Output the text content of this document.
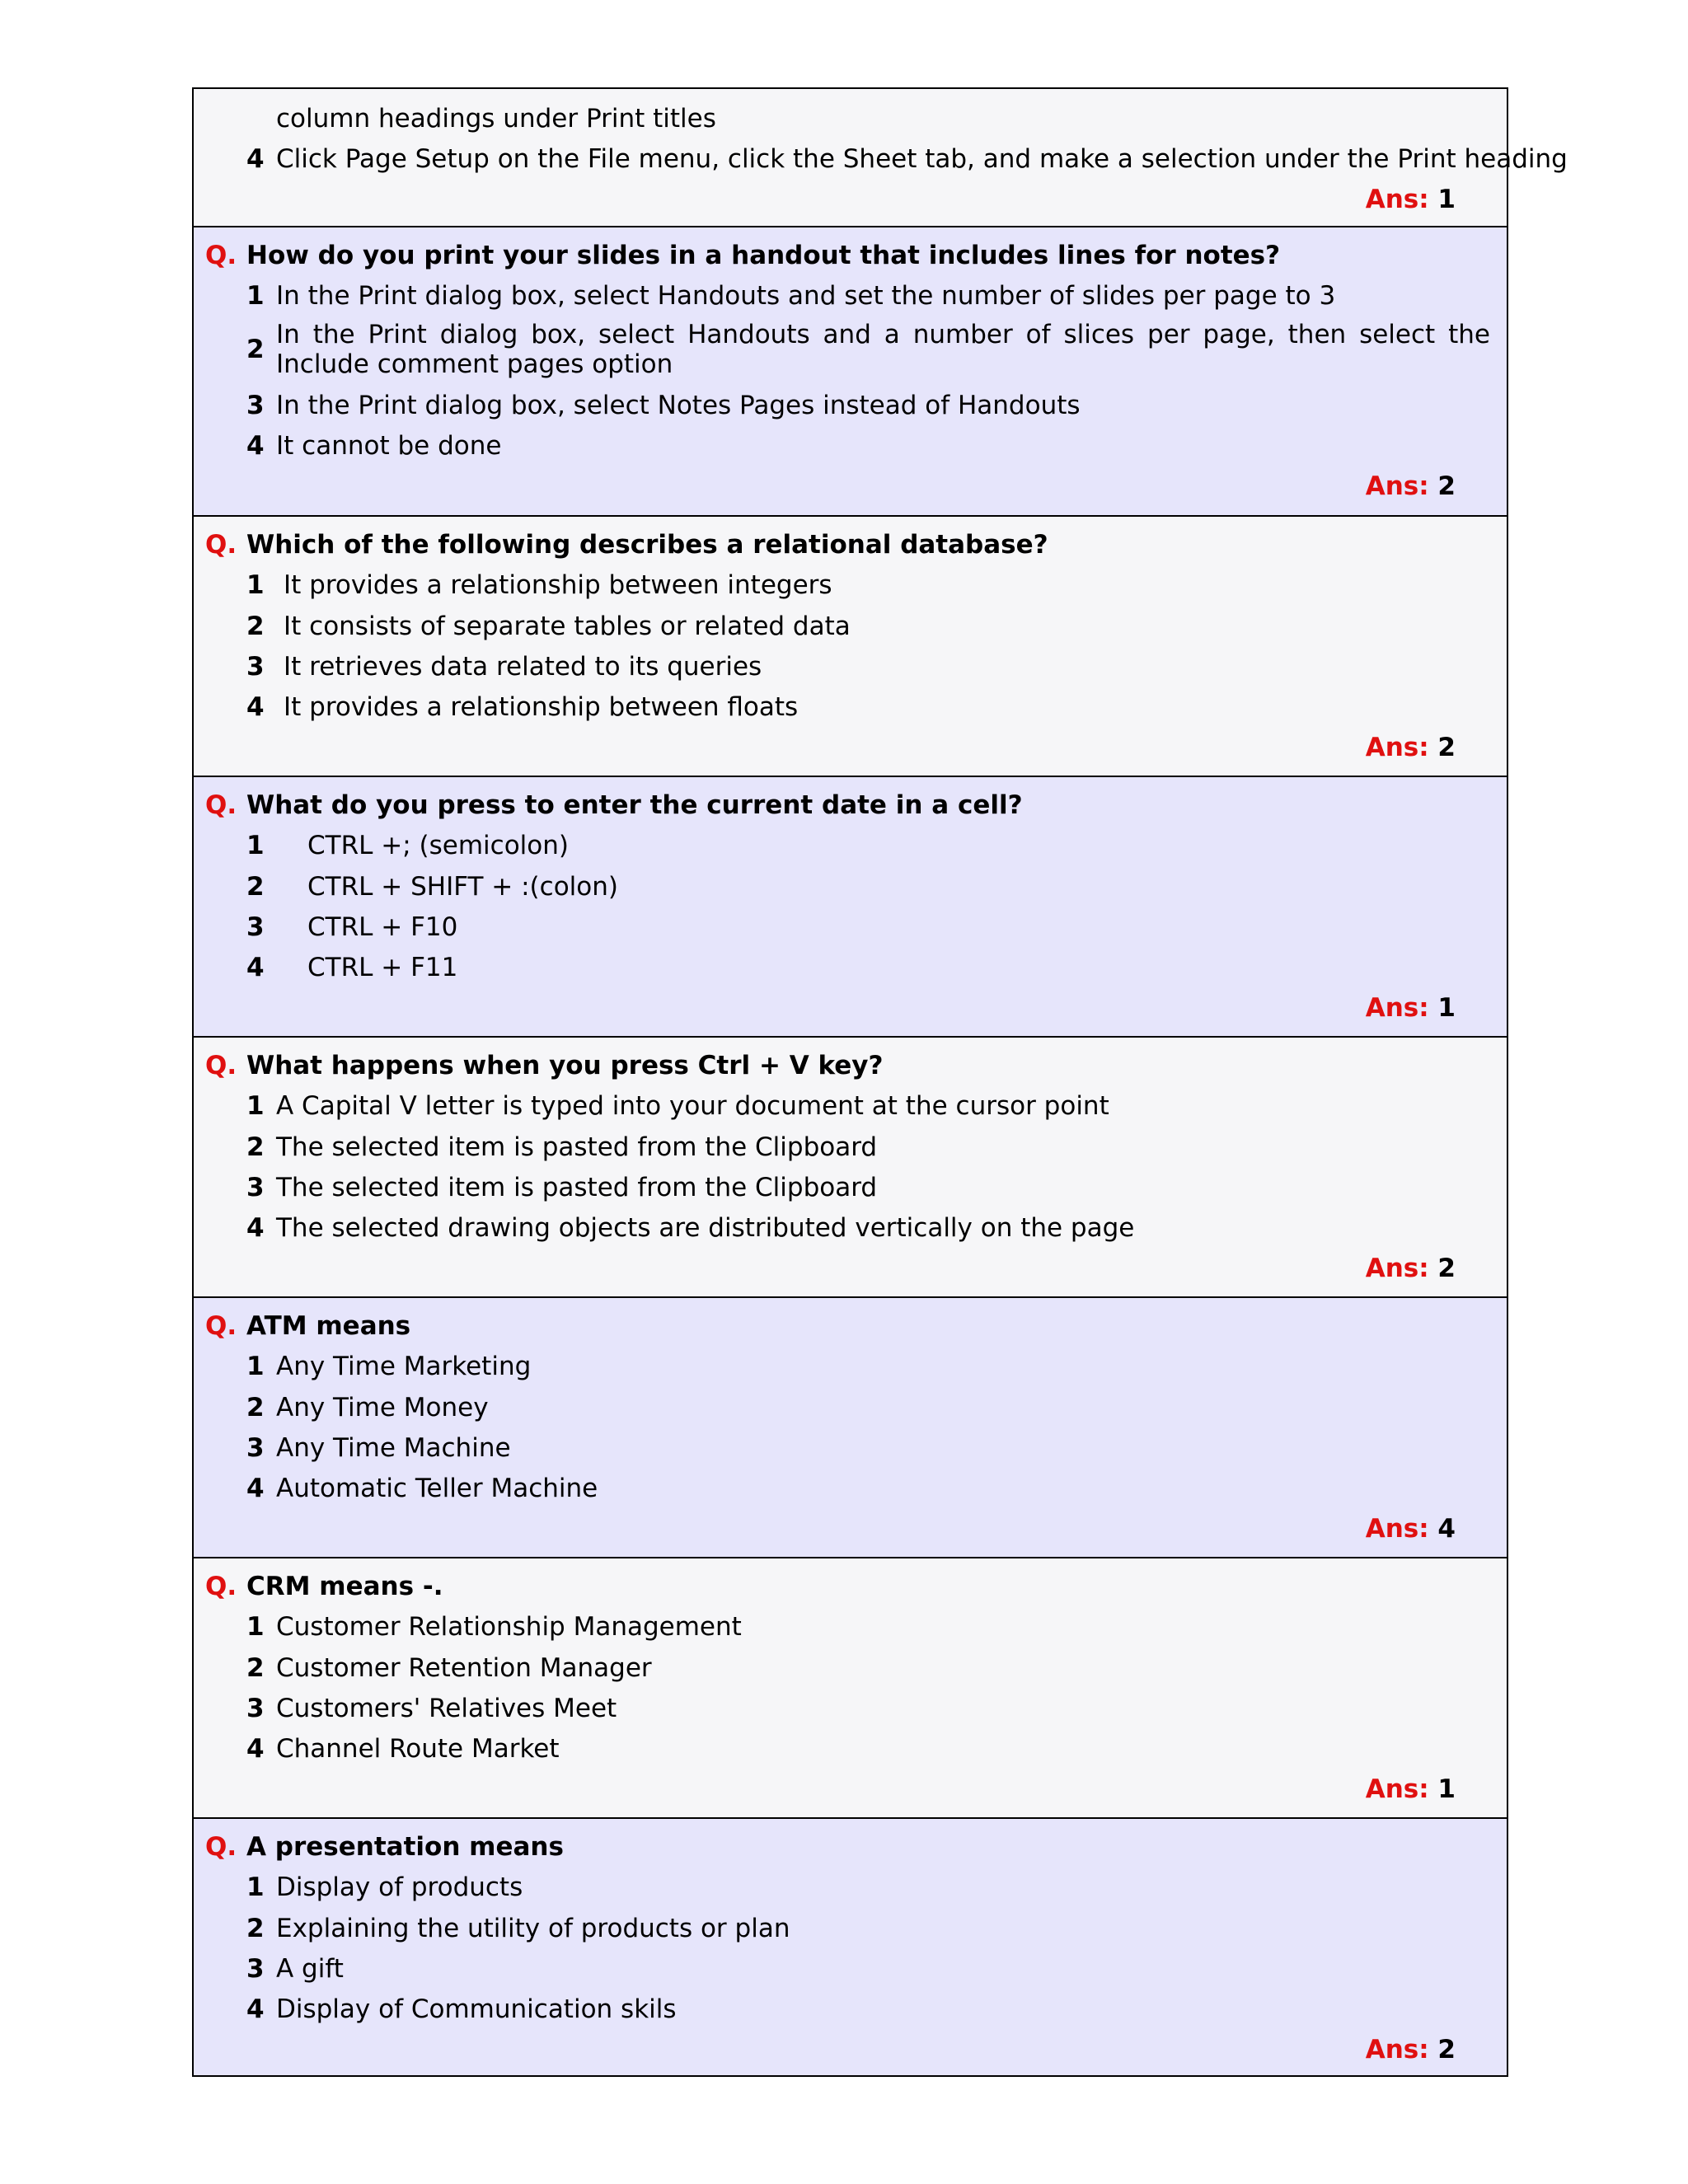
column headings under Print titles
4 Click Page Setup on the File menu, click the Sheet tab, and make a selection under the Print heading
Ans: 1
Q. How do you print your slides in a handout that includes lines for notes?
1 In the Print dialog box, select Handouts and set the number of slides per page to 3
2 In the Print dialog box, select Handouts and a number of slices per page, then select the Include comment pages option
3 In the Print dialog box, select Notes Pages instead of Handouts
4 It cannot be done
Ans: 2
Q. Which of the following describes a relational database?
1 It provides a relationship between integers
2 It consists of separate tables or related data
3 It retrieves data related to its queries
4 It provides a relationship between floats
Ans: 2
Q. What do you press to enter the current date in a cell?
1 CTRL +; (semicolon)
2 CTRL + SHIFT + :(colon)
3 CTRL + F10
4 CTRL + F11
Ans: 1
Q. What happens when you press Ctrl + V key?
1 A Capital V letter is typed into your document at the cursor point
2 The selected item is pasted from the Clipboard
3 The selected item is pasted from the Clipboard
4 The selected drawing objects are distributed vertically on the page
Ans: 2
Q. ATM means
1 Any Time Marketing
2 Any Time Money
3 Any Time Machine
4 Automatic Teller Machine
Ans: 4
Q. CRM means -.
1 Customer Relationship Management
2 Customer Retention Manager
3 Customers' Relatives Meet
4 Channel Route Market
Ans: 1
Q. A presentation means
1 Display of products
2 Explaining the utility of products or plan
3 A gift
4 Display of Communication skils
Ans: 2
